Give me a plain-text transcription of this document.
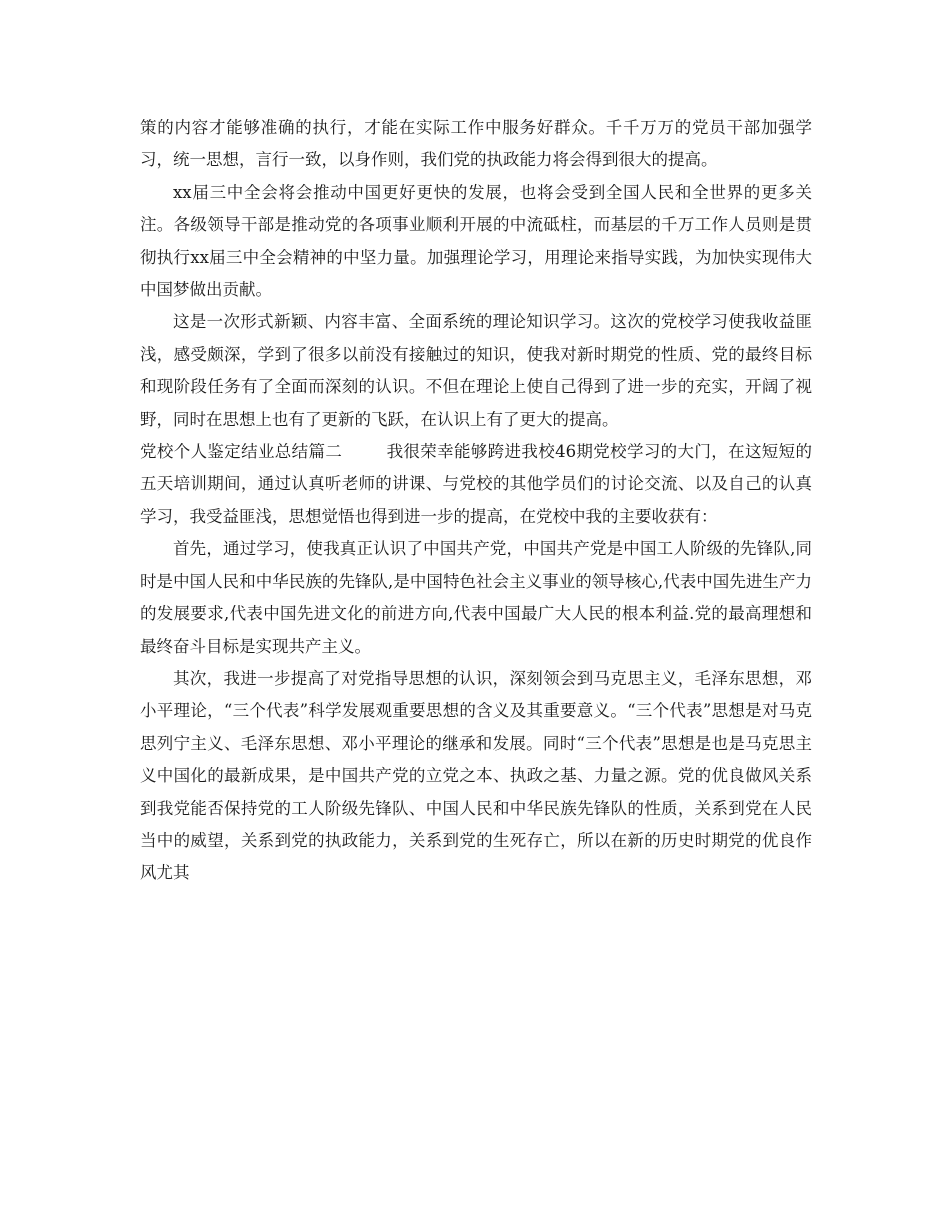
策的内容才能够准确的执行，才能在实际工作中服务好群众。千千万万的党员干部加强学习，统一思想，言行一致，以身作则，我们党的执政能力将会得到很大的提高。

xx届三中全会将会推动中国更好更快的发展，也将会受到全国人民和全世界的更多关注。各级领导干部是推动党的各项事业顺利开展的中流砥柱，而基层的千万工作人员则是贯彻执行xx届三中全会精神的中坚力量。加强理论学习，用理论来指导实践，为加快实现伟大中国梦做出贡献。

这是一次形式新颖、内容丰富、全面系统的理论知识学习。这次的党校学习使我收益匪浅，感受颇深，学到了很多以前没有接触过的知识，使我对新时期党的性质、党的最终目标和现阶段任务有了全面而深刻的认识。不但在理论上使自己得到了进一步的充实，开阔了视野，同时在思想上也有了更新的飞跃，在认识上有了更大的提高。

党校个人鉴定结业总结篇二	我很荣幸能够跨进我校46期党校学习的大门，在这短短的五天培训期间，通过认真听老师的讲课、与党校的其他学员们的讨论交流、以及自己的认真学习，我受益匪浅，思想觉悟也得到进一步的提高，在党校中我的主要收获有：

首先，通过学习，使我真正认识了中国共产党，中国共产党是中国工人阶级的先锋队,同时是中国人民和中华民族的先锋队,是中国特色社会主义事业的领导核心,代表中国先进生产力的发展要求,代表中国先进文化的前进方向,代表中国最广大人民的根本利益.党的最高理想和最终奋斗目标是实现共产主义。

其次，我进一步提高了对党指导思想的认识，深刻领会到马克思主义，毛泽东思想，邓小平理论，“三个代表”科学发展观重要思想的含义及其重要意义。“三个代表”思想是对马克思列宁主义、毛泽东思想、邓小平理论的继承和发展。同时“三个代表”思想是也是马克思主义中国化的最新成果，是中国共产党的立党之本、执政之基、力量之源。党的优良做风关系到我党能否保持党的工人阶级先锋队、中国人民和中华民族先锋队的性质，关系到党在人民当中的威望，关系到党的执政能力，关系到党的生死存亡，所以在新的历史时期党的优良作风尤其
